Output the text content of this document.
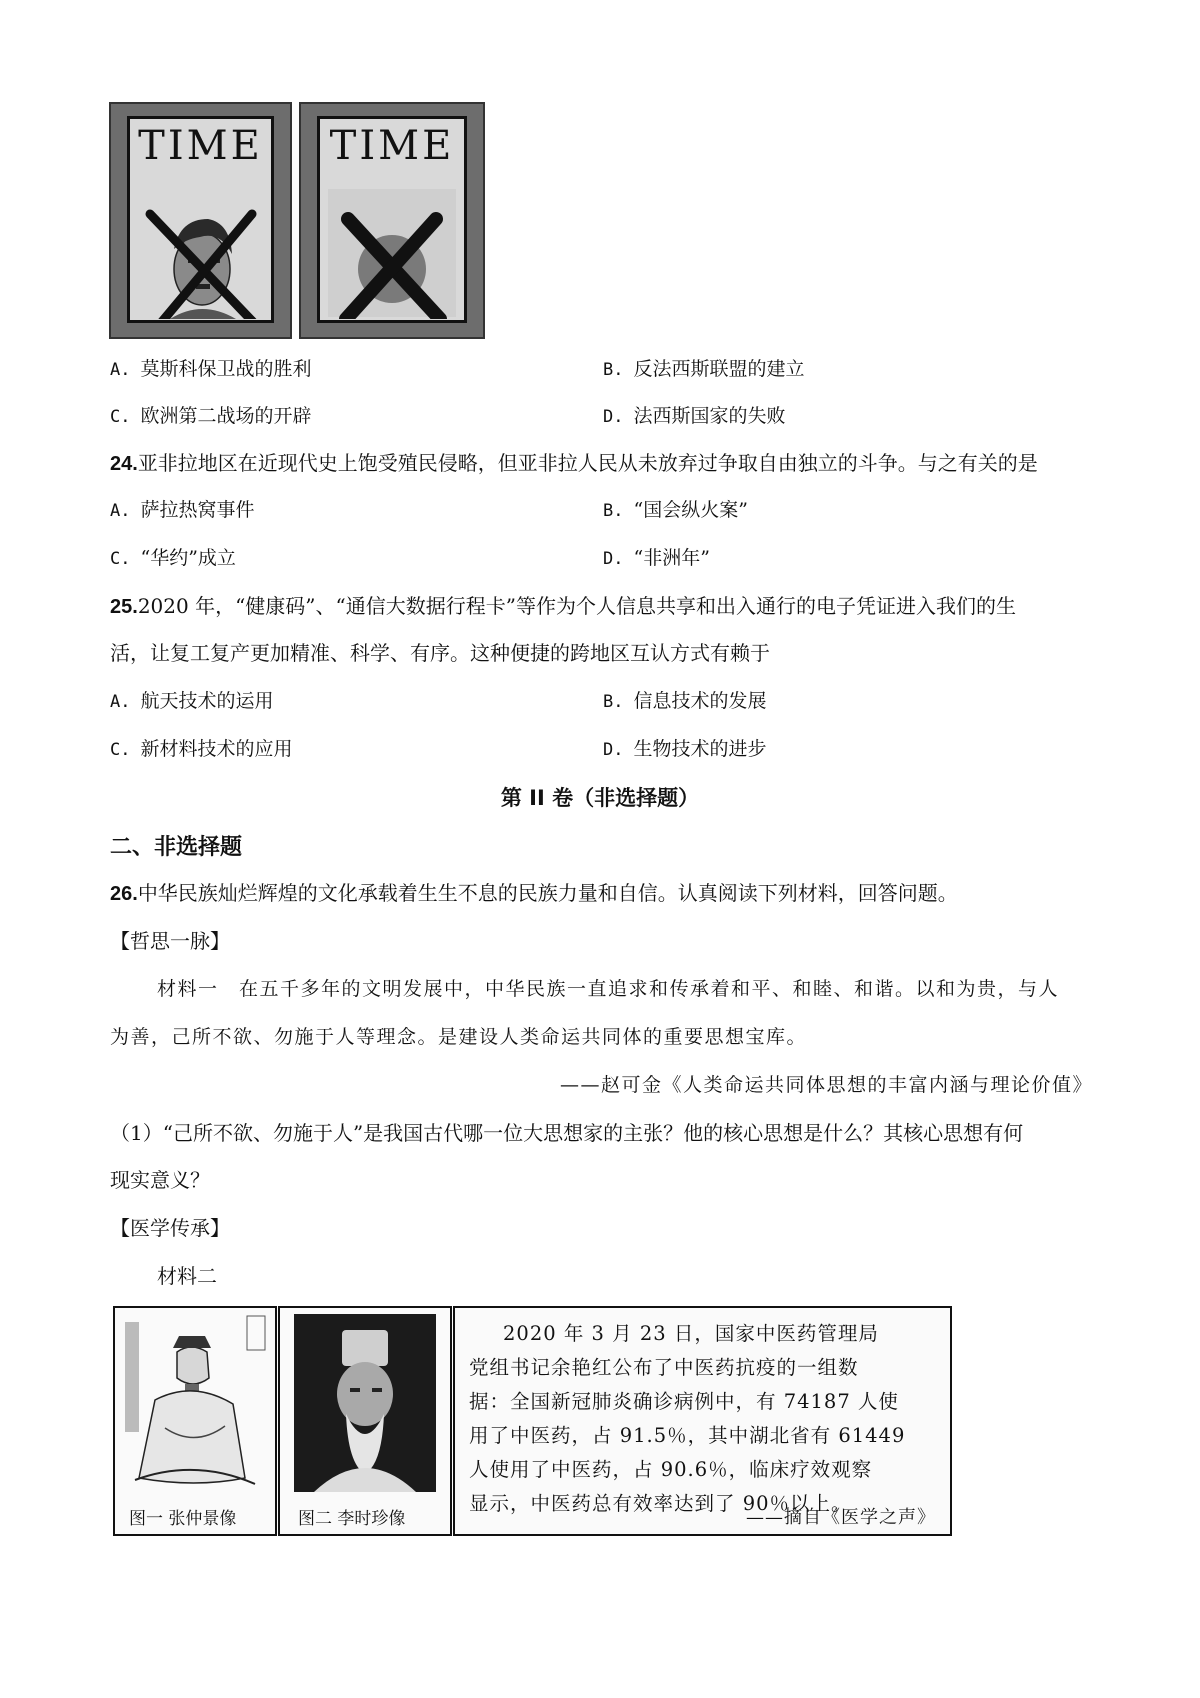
TIME TIME
A. 莫斯科保卫战的胜利	B. 反法西斯联盟的建立
C. 欧洲第二战场的开辟	D. 法西斯国家的失败
24.亚非拉地区在近现代史上饱受殖民侵略，但亚非拉人民从未放弃过争取自由独立的斗争。与之有关的是
A. 萨拉热窝事件	B. “国会纵火案”
C. “华约”成立	D. “非洲年”
25.2020 年，“健康码”、“通信大数据行程卡”等作为个人信息共享和出入通行的电子凭证进入我们的生
活，让复工复产更加精准、科学、有序。这种便捷的跨地区互认方式有赖于
A. 航天技术的运用	B. 信息技术的发展
C. 新材料技术的应用	D. 生物技术的进步
第 II 卷（非选择题）
二、非选择题
26.中华民族灿烂辉煌的文化承载着生生不息的民族力量和自信。认真阅读下列材料，回答问题。
【哲思一脉】
材料一　在五千多年的文明发展中，中华民族一直追求和传承着和平、和睦、和谐。以和为贵，与人
为善，己所不欲、勿施于人等理念。是建设人类命运共同体的重要思想宝库。
——赵可金《人类命运共同体思想的丰富内涵与理论价值》
（1）“己所不欲、勿施于人”是我国古代哪一位大思想家的主张？他的核心思想是什么？其核心思想有何
现实意义？
【医学传承】
材料二
图一 张仲景像	图二 李时珍像
2020 年 3 月 23 日，国家中医药管理局
党组书记余艳红公布了中医药抗疫的一组数
据：全国新冠肺炎确诊病例中，有 74187 人使
用了中医药，占 91.5％，其中湖北省有 61449
人使用了中医药，占 90.6％，临床疗效观察
显示，中医药总有效率达到了 90％以上。
——摘自《医学之声》
